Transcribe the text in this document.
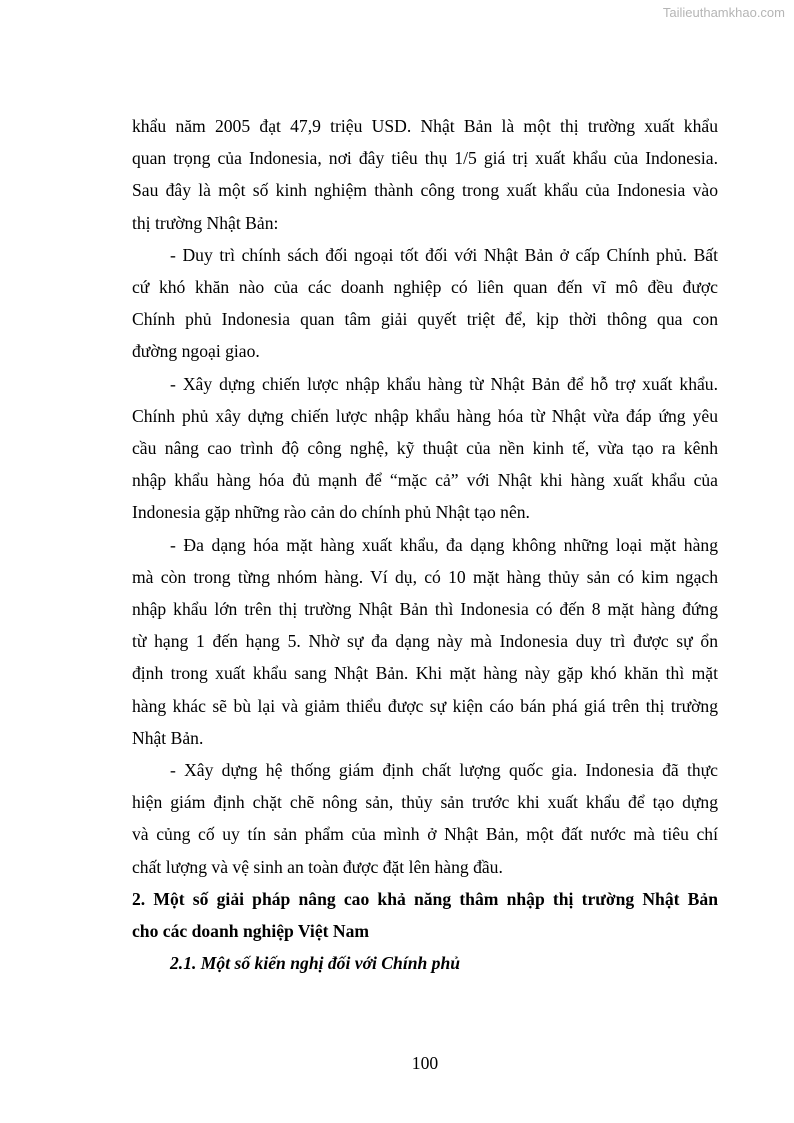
Tailieuthamkhao.com
khẩu năm 2005 đạt 47,9 triệu USD. Nhật Bản là một thị trường xuất khẩu
quan trọng của Indonesia, nơi đây tiêu thụ 1/5 giá trị xuất khẩu của Indonesia.
Sau đây là một số kinh nghiệm thành công trong xuất khẩu của Indonesia vào
thị trường Nhật Bản:
- Duy trì chính sách đối ngoại tốt đối với Nhật Bản ở cấp Chính phủ. Bất
cứ khó khăn nào của các doanh nghiệp có liên quan đến vĩ mô đều được
Chính phủ Indonesia quan tâm giải quyết triệt để, kịp thời thông qua con
đường ngoại giao.
- Xây dựng chiến lược nhập khẩu hàng từ Nhật Bản để hỗ trợ xuất khẩu.
Chính phủ xây dựng chiến lược nhập khẩu hàng hóa từ Nhật vừa đáp ứng yêu
cầu nâng cao trình độ công nghệ, kỹ thuật của nền kinh tế, vừa tạo ra kênh
nhập khẩu hàng hóa đủ mạnh để “mặc cả” với Nhật khi hàng xuất khẩu của
Indonesia gặp những rào cản do chính phủ Nhật tạo nên.
- Đa dạng hóa mặt hàng xuất khẩu, đa dạng không những loại mặt hàng
mà còn trong từng nhóm hàng. Ví dụ, có 10 mặt hàng thủy sản có kim ngạch
nhập khẩu lớn trên thị trường Nhật Bản thì Indonesia có đến 8 mặt hàng đứng
từ hạng 1 đến hạng 5. Nhờ sự đa dạng này mà Indonesia duy trì được sự ổn
định trong xuất khẩu sang Nhật Bản. Khi mặt hàng này gặp khó khăn thì mặt
hàng khác sẽ bù lại và giảm thiểu được sự kiện cáo bán phá giá trên thị trường
Nhật Bản.
- Xây dựng hệ thống giám định chất lượng quốc gia. Indonesia đã thực
hiện giám định chặt chẽ nông sản, thủy sản trước khi xuất khẩu để tạo dựng
và củng cố uy tín sản phẩm của mình ở Nhật Bản, một đất nước mà tiêu chí
chất lượng và vệ sinh an toàn được đặt lên hàng đầu.
2. Một số giải pháp nâng cao khả năng thâm nhập thị trường Nhật Bản
cho các doanh nghiệp Việt Nam
2.1. Một số kiến nghị đối với Chính phủ
100
